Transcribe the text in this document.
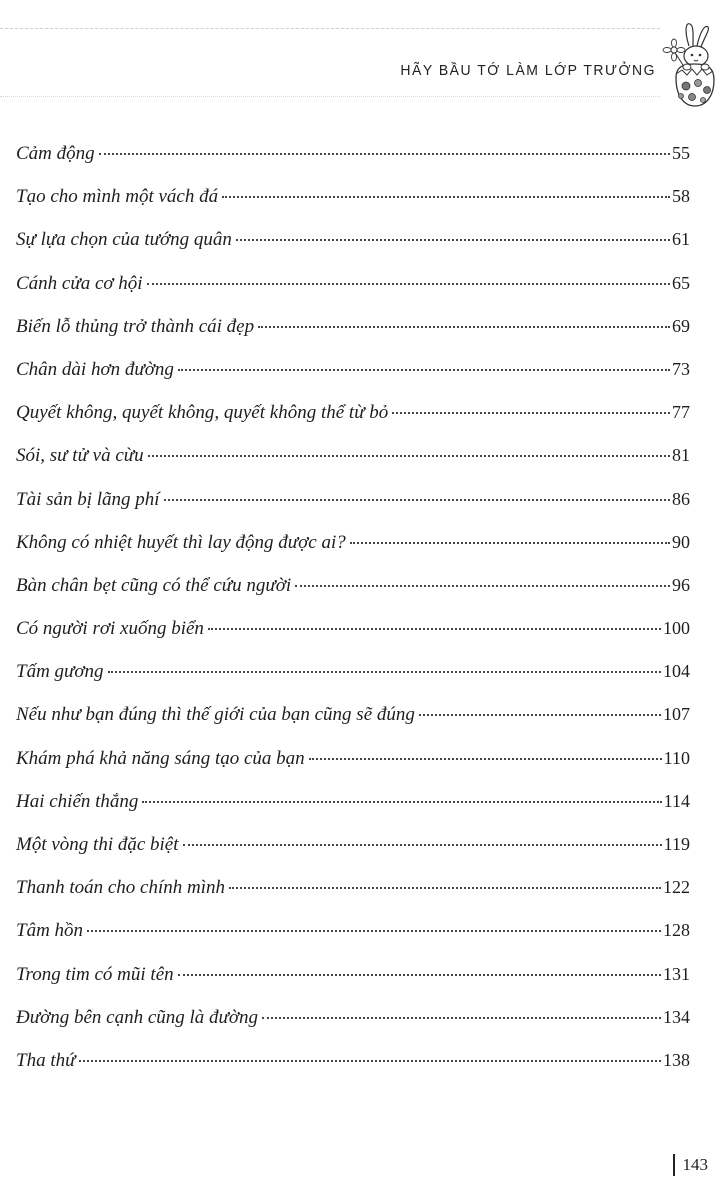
HÃY BẦU TỚ LÀM LỚP TRƯỞNG
Cảm động	55
Tạo cho mình một vách đá	58
Sự lựa chọn của tướng quân	61
Cánh cửa cơ hội	65
Biến lỗ thủng trở thành cái đẹp	69
Chân dài hơn đường	73
Quyết không, quyết không, quyết không thể từ bỏ	77
Sói, sư tử và cừu	81
Tài sản bị lãng phí	86
Không có nhiệt huyết thì lay động được ai?	90
Bàn chân bẹt cũng có thể cứu người	96
Có người rơi xuống biển	100
Tấm gương	104
Nếu như bạn đúng thì thế giới của bạn cũng sẽ đúng	107
Khám phá khả năng sáng tạo của bạn	110
Hai chiến thắng	114
Một vòng thi đặc biệt	119
Thanh toán cho chính mình	122
Tâm hồn	128
Trong tim có mũi tên	131
Đường bên cạnh cũng là đường	134
Tha thứ	138
143
